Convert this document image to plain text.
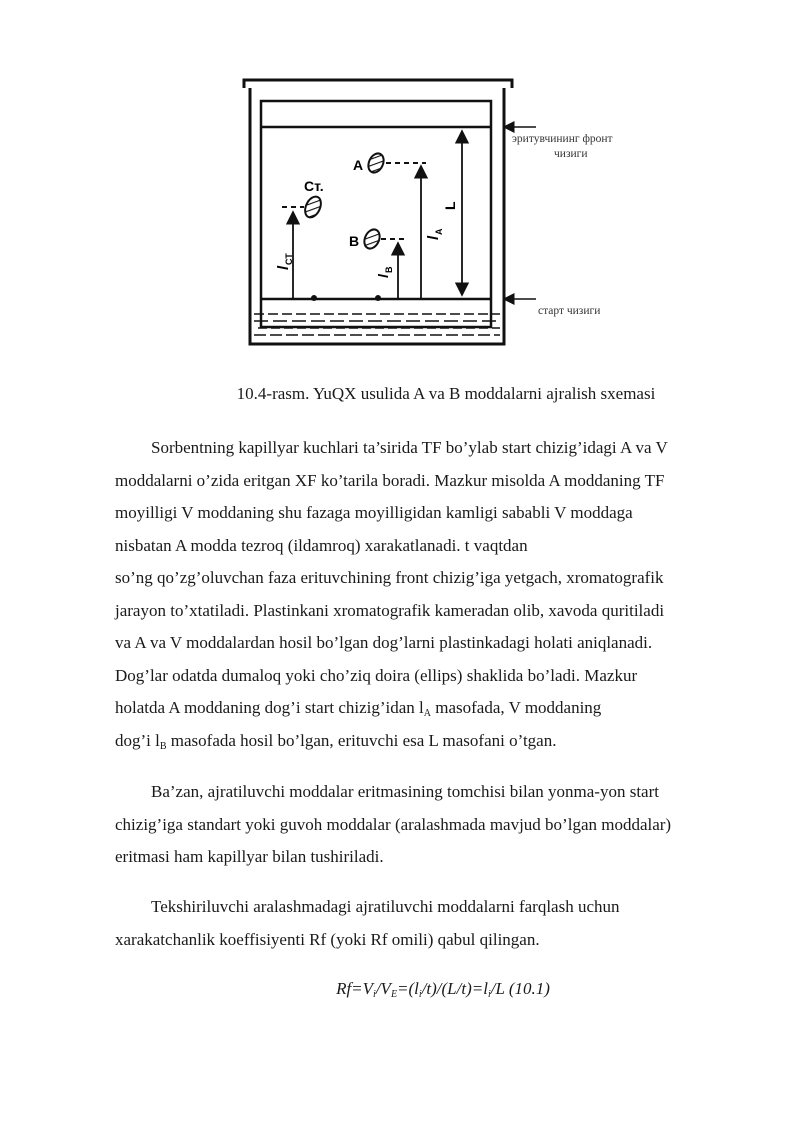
A
B
Ст.
l
A
l
B
l
СТ
L
эритувчининг фронт
чизиги
старт чизиги
10.4-rasm. YuQX usulida A va B moddalarni ajralish sxemasi
Sorbentning kapillyar kuchlari ta’sirida TF bo’ylab start chizig’idagi A va V
moddalarni o’zida eritgan XF ko’tarila boradi. Mazkur misolda A moddaning TF
moyilligi V moddaning shu fazaga moyilligidan kamligi sababli V moddaga
nisbatan A modda tezroq (ildamroq) xarakatlanadi. t vaqtdan
so’ng qo’zg’oluvchan faza erituvchining front chizig’iga yetgach, xromatografik
jarayon to’xtatiladi. Plastinkani xromatografik kameradan olib, xavoda quritiladi
va A va V moddalardan hosil bo’lgan dog’larni plastinkadagi holati aniqlanadi.
Dog’lar odatda dumaloq yoki cho’ziq doira (ellips) shaklida bo’ladi. Mazkur
holatda A moddaning dog’i start chizig’idan $l_A$ masofada, V moddaning
dog’i $l_B$ masofada hosil bo’lgan, erituvchi esa L masofani o’tgan.
Ba’zan, ajratiluvchi moddalar eritmasining tomchisi bilan yonma-yon start
chizig’iga standart yoki guvoh moddalar (aralashmada mavjud bo’lgan moddalar)
eritmasi ham kapillyar bilan tushiriladi.
Tekshiriluvchi aralashmadagi ajratiluvchi moddalarni farqlash uchun
xarakatchanlik koeffisiyenti Rf (yoki Rf omili) qabul qilingan.
$Rf=V_i/V_E=(l_i/t)/(L/t)=l_i/L$ (10.1)
